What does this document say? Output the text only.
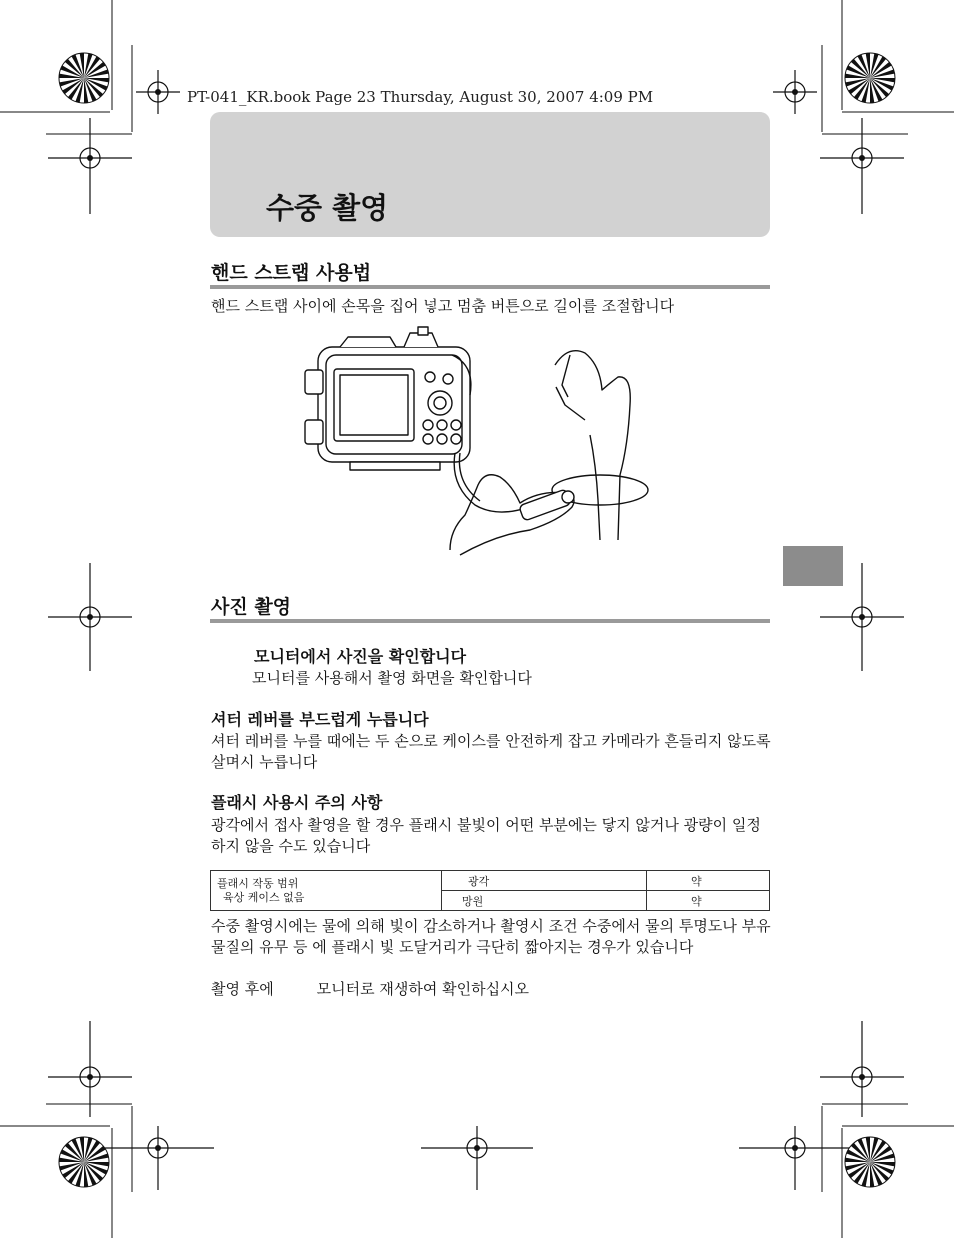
PT-041_KR.book Page 23 Thursday, August 30, 2007 4:09 PM
수중 촬영
핸드 스트랩 사용법
핸드 스트랩 사이에 손목을 집어 넣고 멈춤 버튼으로 길이를 조절합니다
사진 촬영
모니터에서 사진을 확인합니다
모니터를 사용해서 촬영 화면을 확인합니다
셔터 레버를 부드럽게 누릅니다
셔터 레버를 누를 때에는 두 손으로 케이스를 안전하게 잡고 카메라가 흔들리지 않도록 살며시 누릅니다
플래시 사용시 주의 사항
광각에서 접사 촬영을 할 경우 플래시 불빛이 어떤 부분에는 닿지 않거나 광량이 일정하지 않을 수도 있습니다
플래시 작동 범위
육상 케이스 없음	광각	약
	망원	약
수중 촬영시에는 물에 의해 빛이 감소하거나 촬영시 조건 수중에서 물의 투명도나 부유물질의 유무 등 에 플래시 빛 도달거리가 극단히 짧아지는 경우가 있습니다
촬영 후에         모니터로 재생하여 확인하십시오
